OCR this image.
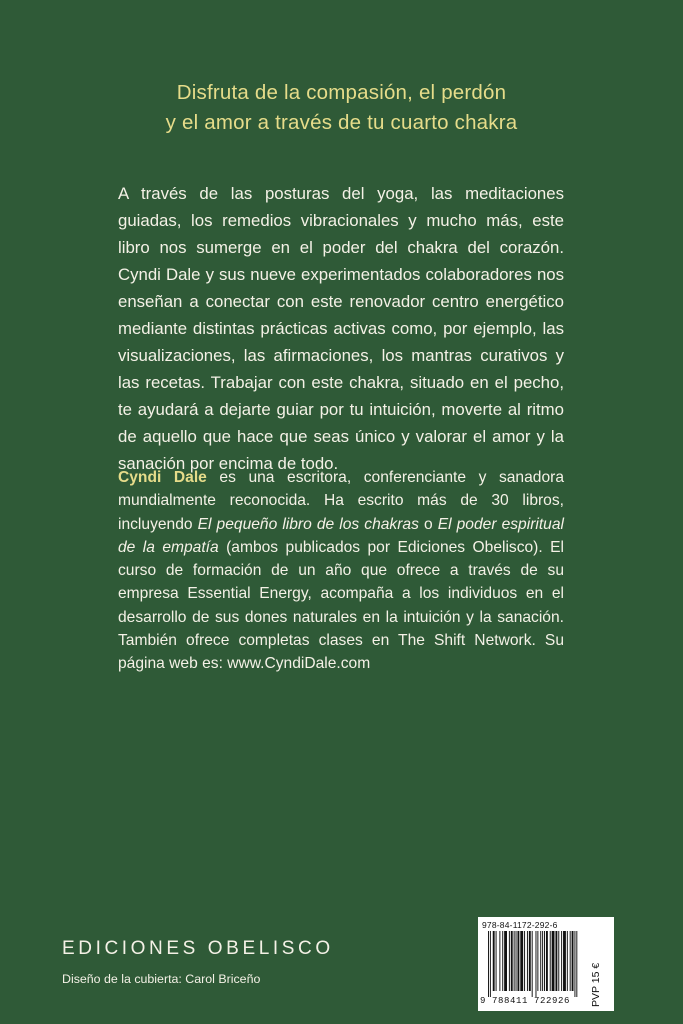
Disfruta de la compasión, el perdón
y el amor a través de tu cuarto chakra
A través de las posturas del yoga, las meditaciones guiadas, los remedios vibracionales y mucho más, este libro nos sumerge en el poder del chakra del corazón. Cyndi Dale y sus nueve experimentados colaboradores nos enseñan a conectar con este renovador centro energético mediante distintas prácticas activas como, por ejemplo, las visualizaciones, las afirmaciones, los mantras curativos y las recetas. Trabajar con este chakra, situado en el pecho, te ayudará a dejarte guiar por tu intuición, moverte al ritmo de aquello que hace que seas único y valorar el amor y la sanación por encima de todo.
Cyndi Dale es una escritora, conferenciante y sanadora mundialmente reconocida. Ha escrito más de 30 libros, incluyendo El pequeño libro de los chakras o El poder espiritual de la empatía (ambos publicados por Ediciones Obelisco). El curso de formación de un año que ofrece a través de su empresa Essential Energy, acompaña a los individuos en el desarrollo de sus dones naturales en la intuición y la sanación. También ofrece completas clases en The Shift Network. Su página web es: www.CyndiDale.com
EDICIONES OBELISCO
Diseño de la cubierta: Carol Briceño
978-84-1172-292-6
9 788411 722926 PVP 15 €
